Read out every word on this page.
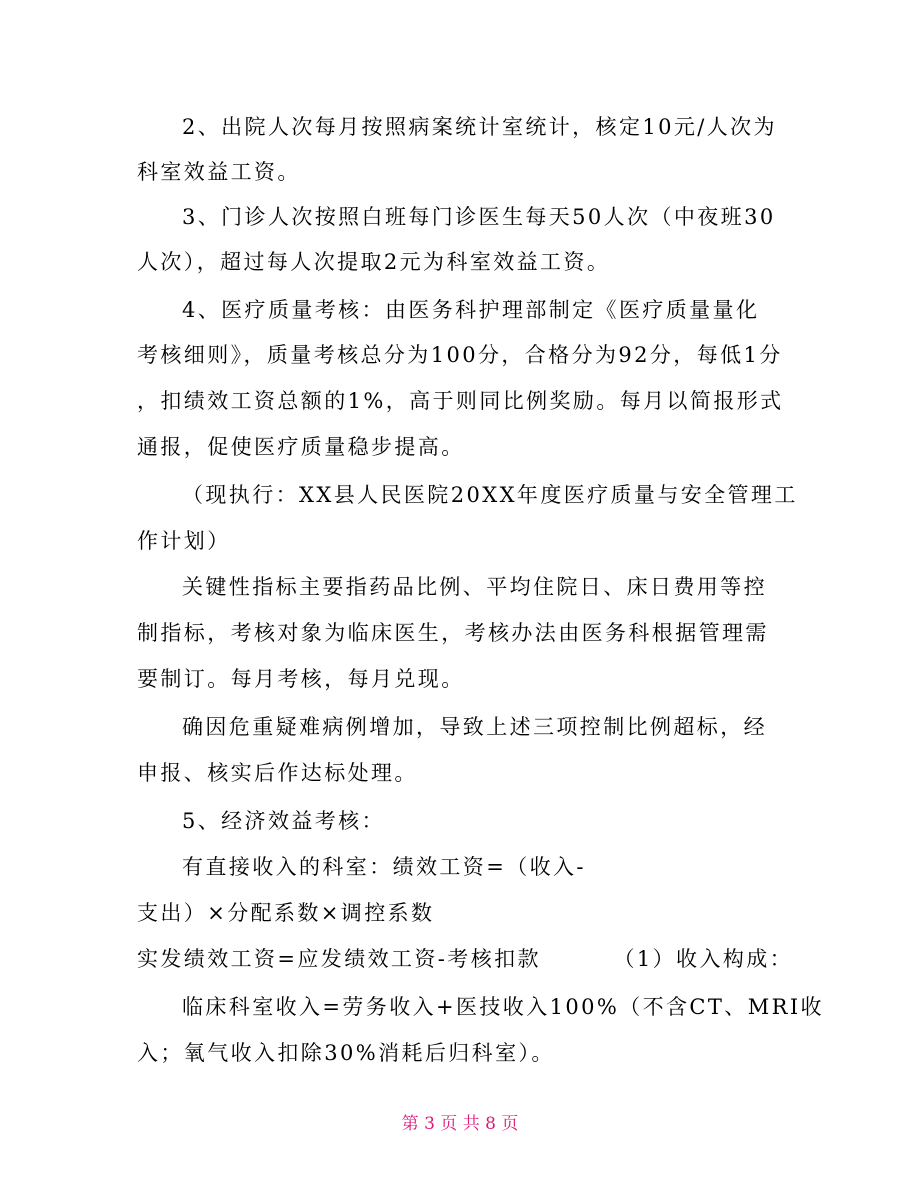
2、出院人次每月按照病案统计室统计，核定10元/人次为
科室效益工资。
3、门诊人次按照白班每门诊医生每天50人次（中夜班30
人次），超过每人次提取2元为科室效益工资。
4、医疗质量考核：由医务科护理部制定《医疗质量量化
考核细则》，质量考核总分为100分，合格分为92分，每低1分
，扣绩效工资总额的1%，高于则同比例奖励。每月以简报形式
通报，促使医疗质量稳步提高。
（现执行：XX县人民医院20XX年度医疗质量与安全管理工
作计划）
关键性指标主要指药品比例、平均住院日、床日费用等控
制指标，考核对象为临床医生，考核办法由医务科根据管理需
要制订。每月考核，每月兑现。
确因危重疑难病例增加，导致上述三项控制比例超标，经
申报、核实后作达标处理。
5、经济效益考核：
有直接收入的科室：绩效工资=（收入-
支出）×分配系数×调控系数
实发绩效工资=应发绩效工资-考核扣款        （1）收入构成：
临床科室收入=劳务收入+医技收入100%（不含CT、MRI收
入；氧气收入扣除30%消耗后归科室）。
第 3 页 共 8 页
